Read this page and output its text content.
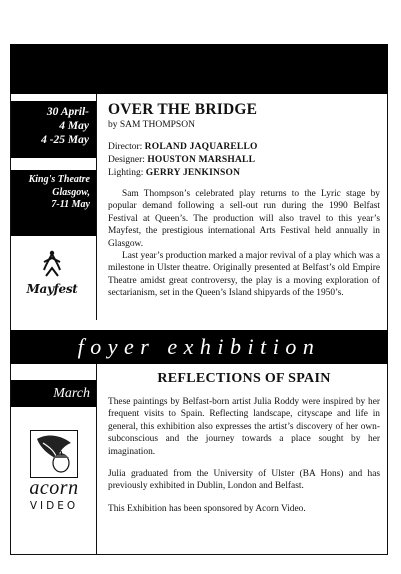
30 April-
4 May
4 -25 May
King's Theatre
Glasgow,
7-11 May
Mayfest
OVER THE BRIDGE

by SAM THOMPSON

Director: ROLAND JAQUARELLO
Designer: HOUSTON MARSHALL
Lighting: GERRY JENKINSON

Sam Thompson’s celebrated play returns to the Lyric stage by popular demand following a sell-out run during the 1990 Belfast Festival at Queen’s. The production will also travel to this year’s Mayfest, the prestigious international Arts Festival held annually in Glasgow.

Last year’s production marked a major revival of a play which was a milestone in Ulster theatre. Originally presented at Belfast’s old Empire Theatre amidst great controversy, the play is a moving exploration of sectarianism, set in the Queen’s Island shipyards of the 1950’s.

foyer exhibition
March
acorn
VIDEO
REFLECTIONS OF SPAIN

These paintings by Belfast-born artist Julia Roddy were inspired by her frequent visits to Spain. Reflecting landscape, cityscape and life in general, this exhibition also expresses the artist’s discovery of her own-subconscious and the journey towards a place sought by her imagination.

Julia graduated from the University of Ulster (BA Hons) and has previously exhibited in Dublin, London and Belfast.

This Exhibition has been sponsored by Acorn Video.
